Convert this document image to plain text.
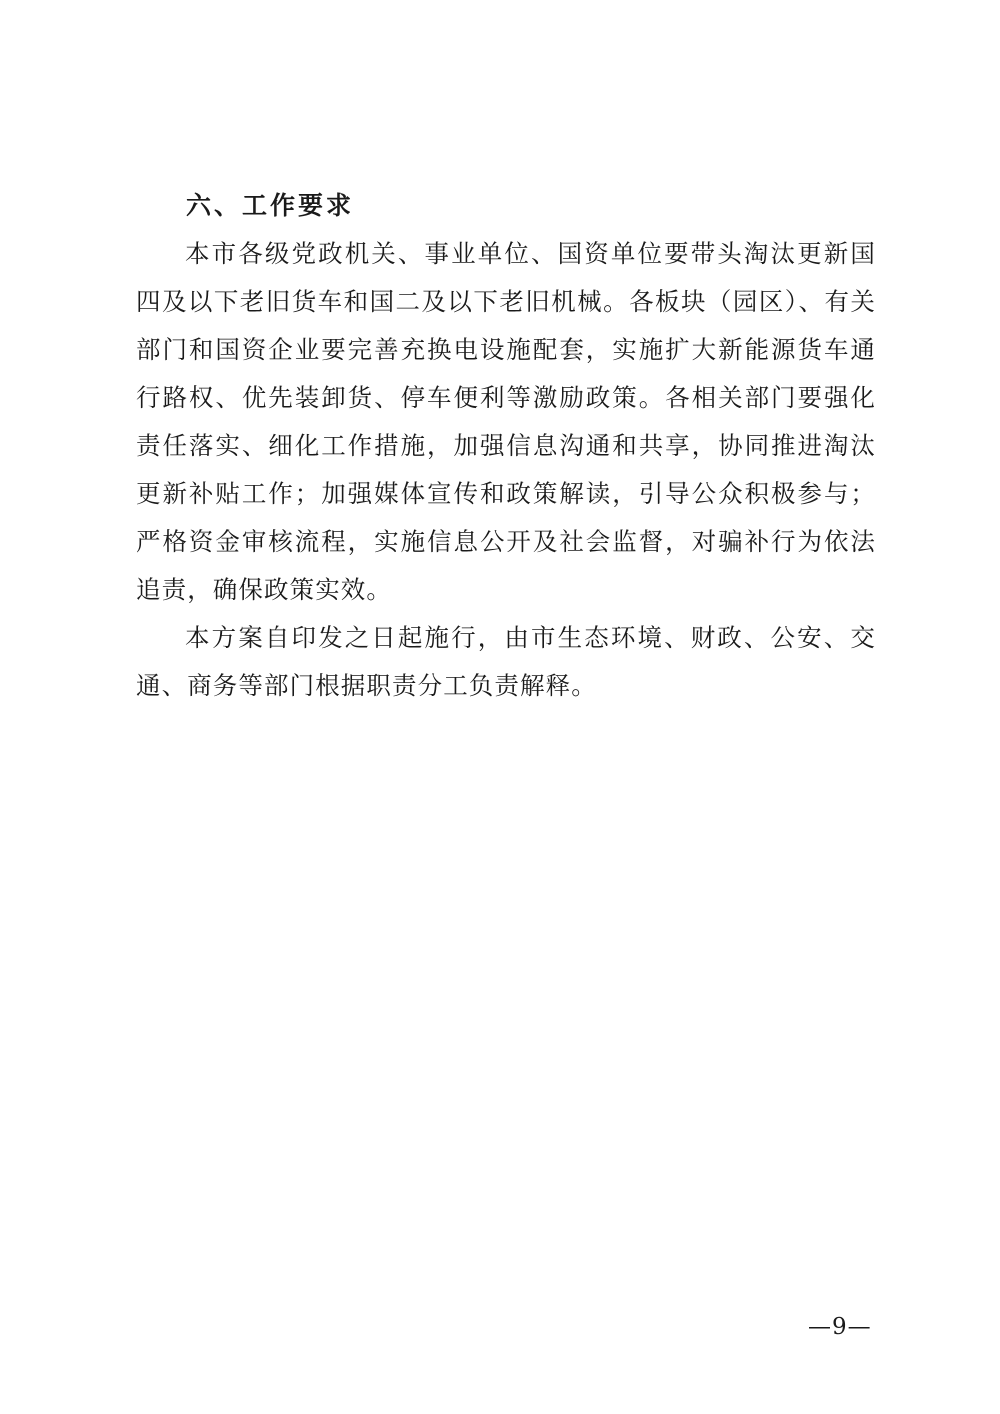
六、工作要求

本市各级党政机关、事业单位、国资单位要带头淘汰更新国四及以下老旧货车和国二及以下老旧机械。各板块（园区）、有关部门和国资企业要完善充换电设施配套，实施扩大新能源货车通行路权、优先装卸货、停车便利等激励政策。各相关部门要强化责任落实、细化工作措施，加强信息沟通和共享，协同推进淘汰更新补贴工作；加强媒体宣传和政策解读，引导公众积极参与；严格资金审核流程，实施信息公开及社会监督，对骗补行为依法追责，确保政策实效。

本方案自印发之日起施行，由市生态环境、财政、公安、交通、商务等部门根据职责分工负责解释。

—9—
